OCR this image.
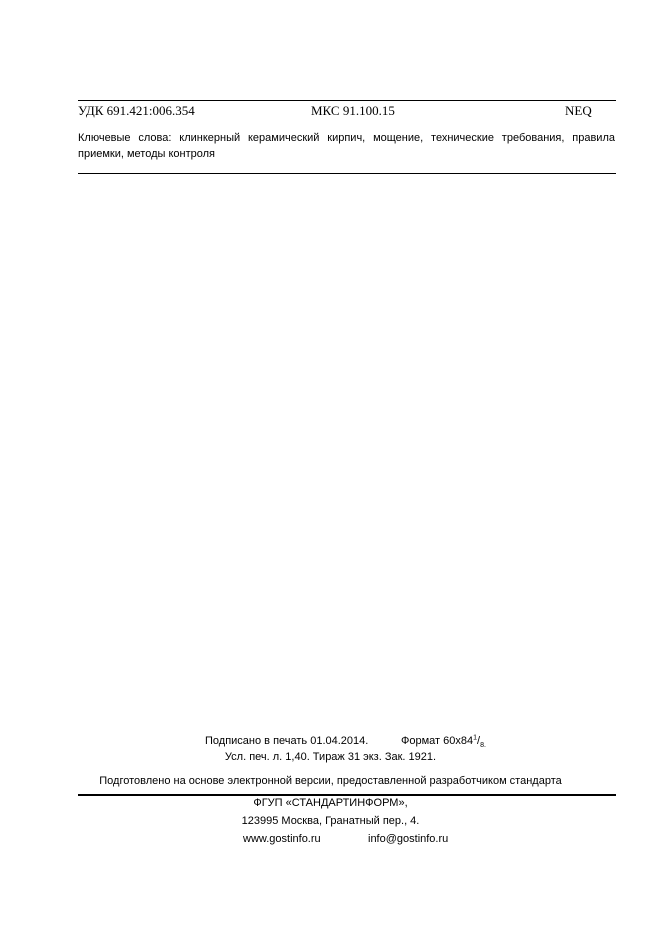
УДК 691.421:006.354	МКС 91.100.15	NEQ
Ключевые слова: клинкерный керамический кирпич, мощение, технические требования, правила приемки, методы контроля
Подписано в печать 01.04.2014.	Формат $60х84^1/_{8.}$
Усл. печ. л. 1,40. Тираж 31 экз. Зак. 1921.
Подготовлено на основе электронной версии, предоставленной разработчиком стандарта
ФГУП «СТАНДАРТИНФОРМ»,
123995 Москва, Гранатный пер., 4.
www.gostinfo.ru	info@gostinfo.ru
